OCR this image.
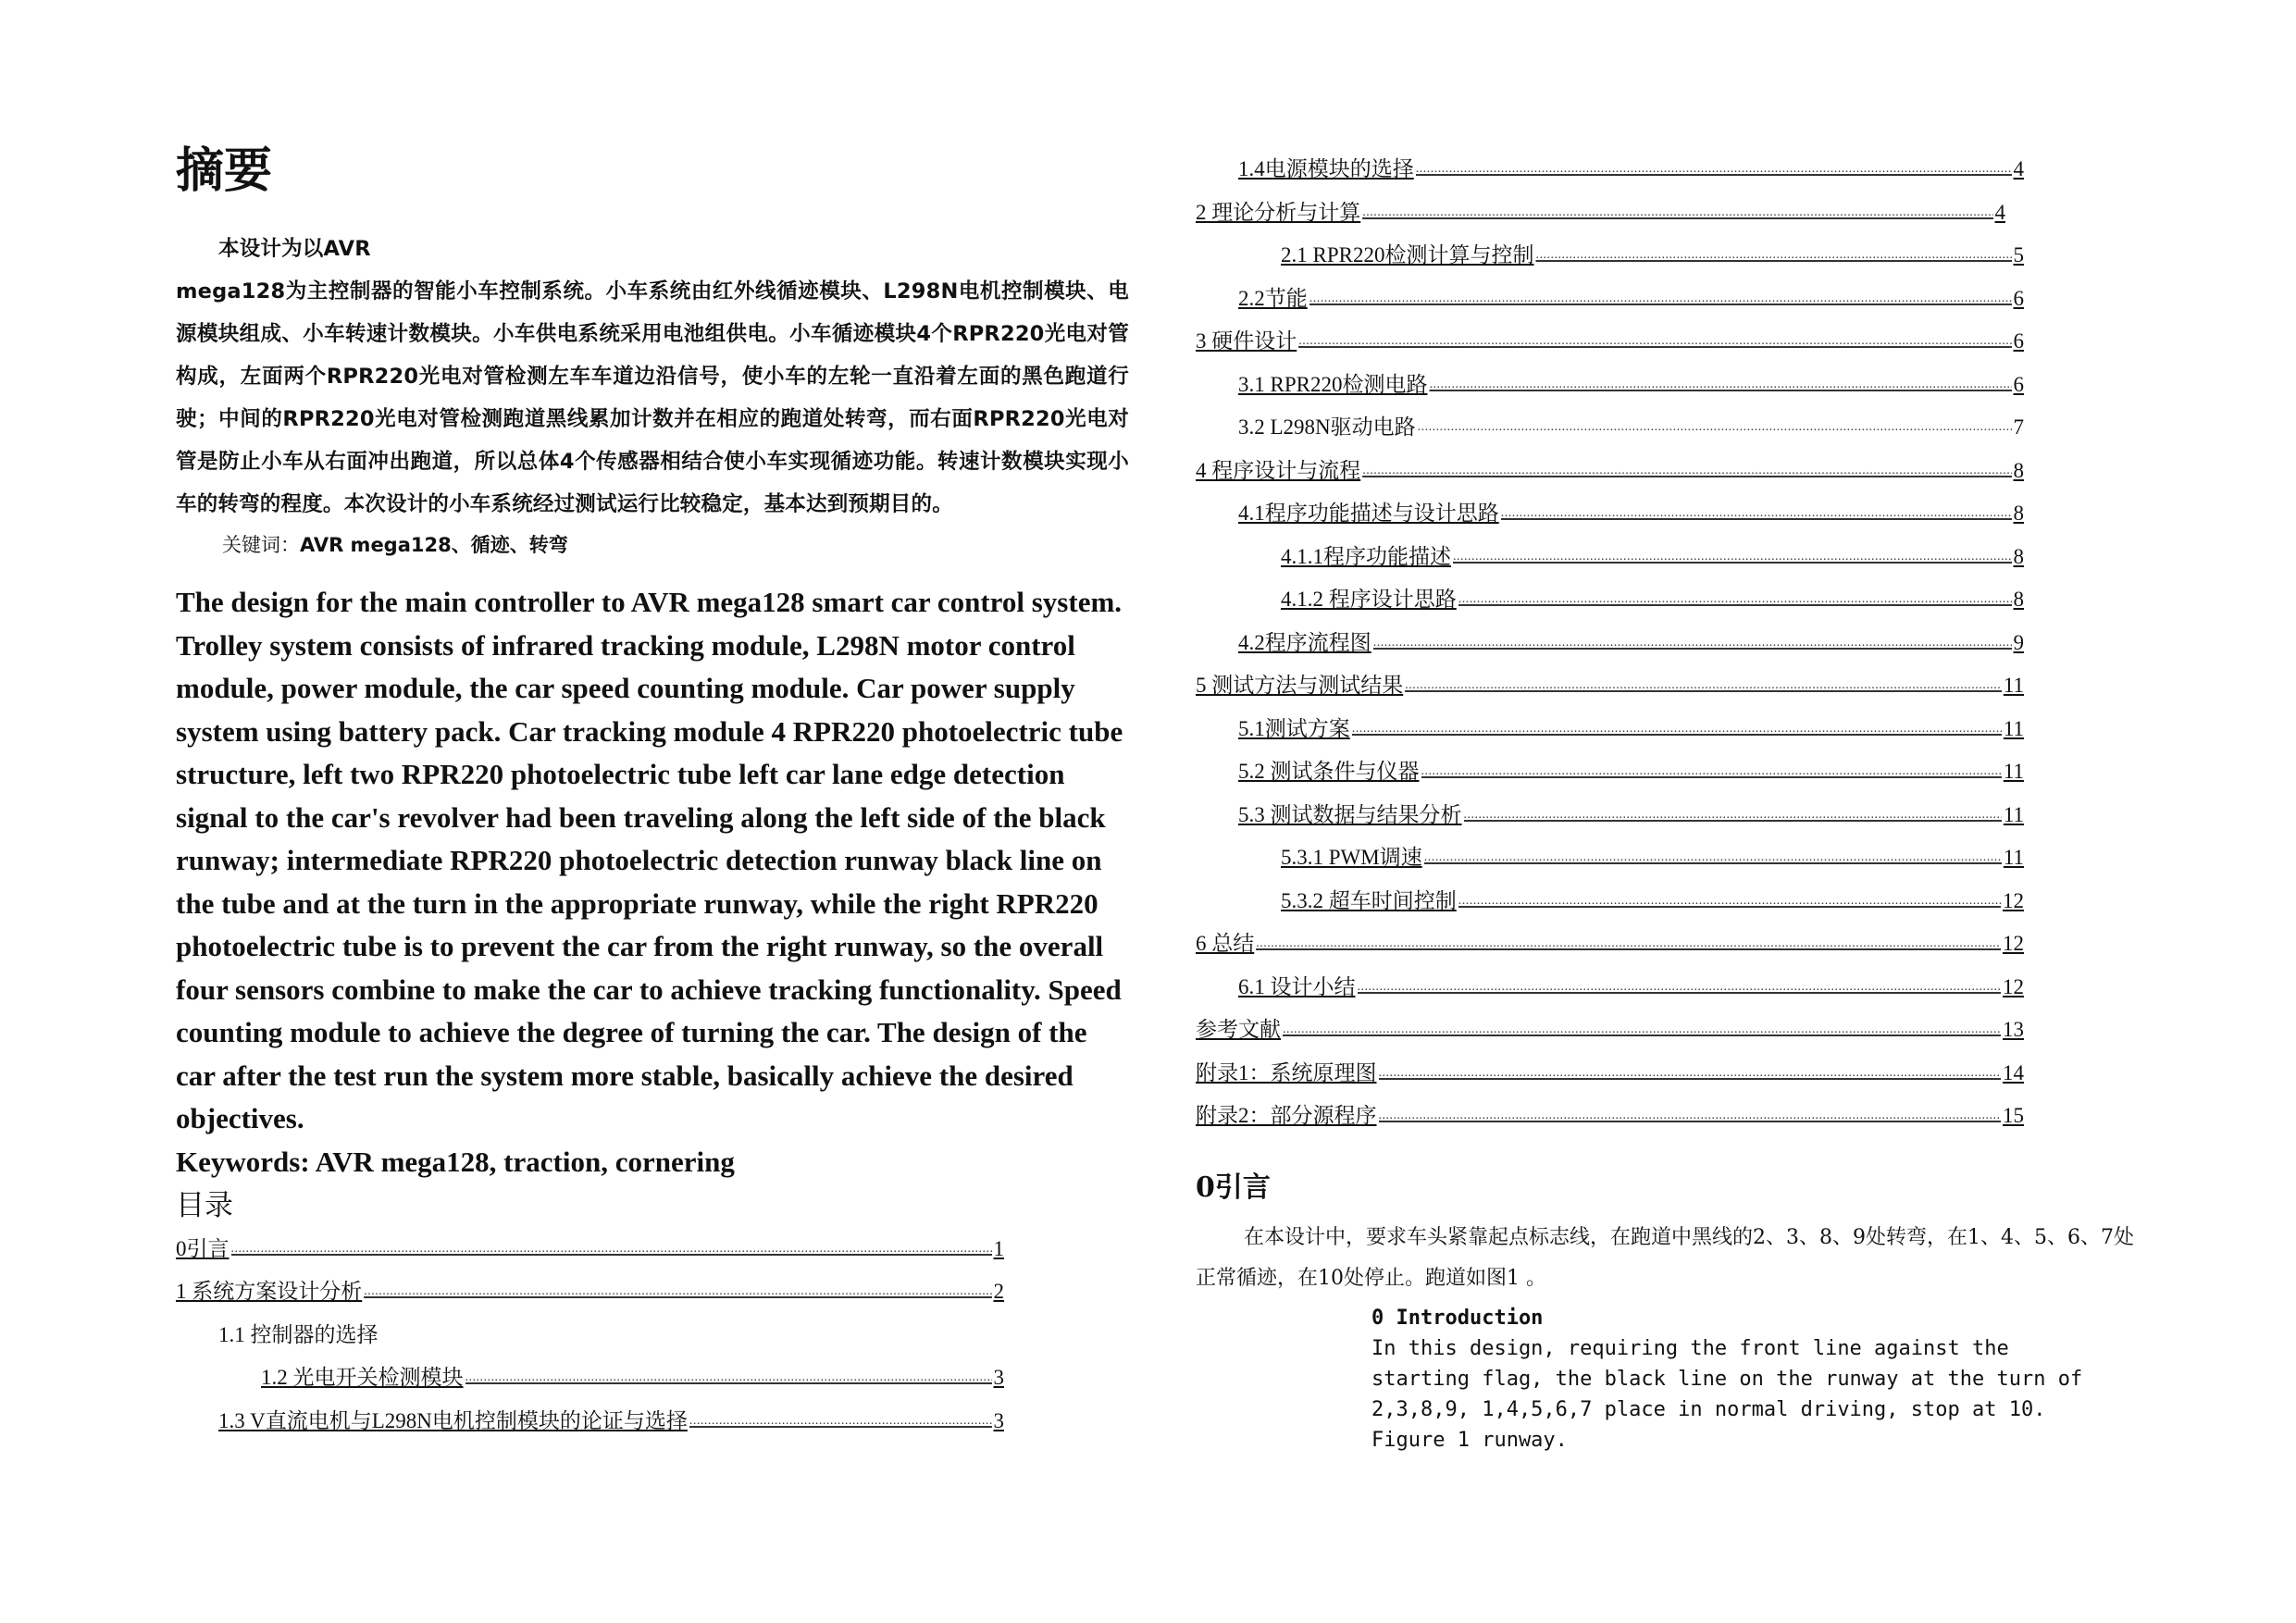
摘要
本设计为以AVR
mega128为主控制器的智能小车控制系统。小车系统由红外线循迹模块、L298N电机控制模块、电源模块组成、小车转速计数模块。小车供电系统采用电池组供电。小车循迹模块4个RPR220光电对管构成，左面两个RPR220光电对管检测左车车道边沿信号，使小车的左轮一直沿着左面的黑色跑道行驶；中间的RPR220光电对管检测跑道黑线累加计数并在相应的跑道处转弯，而右面RPR220光电对管是防止小车从右面冲出跑道，所以总体4个传感器相结合使小车实现循迹功能。转速计数模块实现小车的转弯的程度。本次设计的小车系统经过测试运行比较稳定，基本达到预期目的。
关键词：AVR mega128、循迹、转弯
The design for the main controller to AVR mega128 smart car control system. Trolley system consists of infrared tracking module, L298N motor control module, power module, the car speed counting module. Car power supply system using battery pack. Car tracking module 4 RPR220 photoelectric tube structure, left two RPR220 photoelectric tube left car lane edge detection signal to the car's revolver had been traveling along the left side of the black runway; intermediate RPR220 photoelectric detection runway black line on the tube and at the turn in the appropriate runway, while the right RPR220 photoelectric tube is to prevent the car from the right runway, so the overall four sensors combine to make the car to achieve tracking functionality. Speed counting module to achieve the degree of turning the car. The design of the car after the test run the system more stable, basically achieve the desired objectives.
Keywords: AVR mega128, traction, cornering
目录
0引言 .....	1
1 系统方案设计分析 .....	2
1.1 控制器的选择
1.2 光电开关检测模块 .....	3
1.3 V直流电机与L298N电机控制模块的论证与选择 .....	3
1.4电源模块的选择 .....	4
2 理论分析与计算 .....	4
2.1 RPR220检测计算与控制 .....	5
2.2节能 .....	6
3 硬件设计 .....	6
3.1 RPR220检测电路 .....	6
3.2 L298N驱动电路 .....	7
4 程序设计与流程 .....	8
4.1程序功能描述与设计思路 .....	8
4.1.1程序功能描述 .....	8
4.1.2 程序设计思路 .....	8
4.2程序流程图 .....	9
5 测试方法与测试结果 .....	11
5.1测试方案 .....	11
5.2 测试条件与仪器 .....	11
5.3 测试数据与结果分析 .....	11
5.3.1 PWM调速 .....	11
5.3.2 超车时间控制 .....	12
6 总结 .....	12
6.1 设计小结 .....	12
参考文献 .....	13
附录1：系统原理图 .....	14
附录2：部分源程序 .....	15
0引言
在本设计中，要求车头紧靠起点标志线，在跑道中黑线的2、3、8、9处转弯，在1、4、5、6、7处正常循迹，在10处停止。跑道如图1 。
0 Introduction
In this design, requiring the front line against the starting flag, the black line on the runway at the turn of 2,3,8,9, 1,4,5,6,7 place in normal driving, stop at 10. Figure 1 runway.
